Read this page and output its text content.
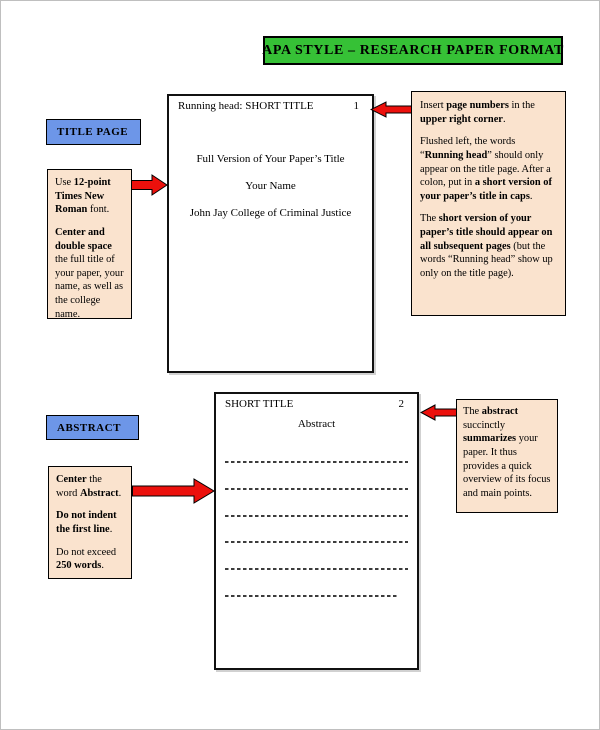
APA STYLE – RESEARCH PAPER FORMAT
TITLE PAGE
Running head: SHORT TITLE	1
Full Version of Your Paper’s Title
Your Name
John Jay College of Criminal Justice

Use 12-point Times New Roman font.

Center and double space the full title of your paper, your name, as well as the college name.

Insert page numbers in the upper right corner.

Flushed left, the words “Running head” should only appear on the title page. After a colon, put in a short version of your paper’s title in caps.

The short version of your paper’s title should appear on all subsequent pages (but the words “Running head” show up only on the title page).

ABSTRACT
SHORT TITLE	2
Abstract

Center the word Abstract.

Do not indent the first line.

Do not exceed 250 words.

The abstract succinctly summarizes your paper. It thus provides a quick overview of its focus and main points.
